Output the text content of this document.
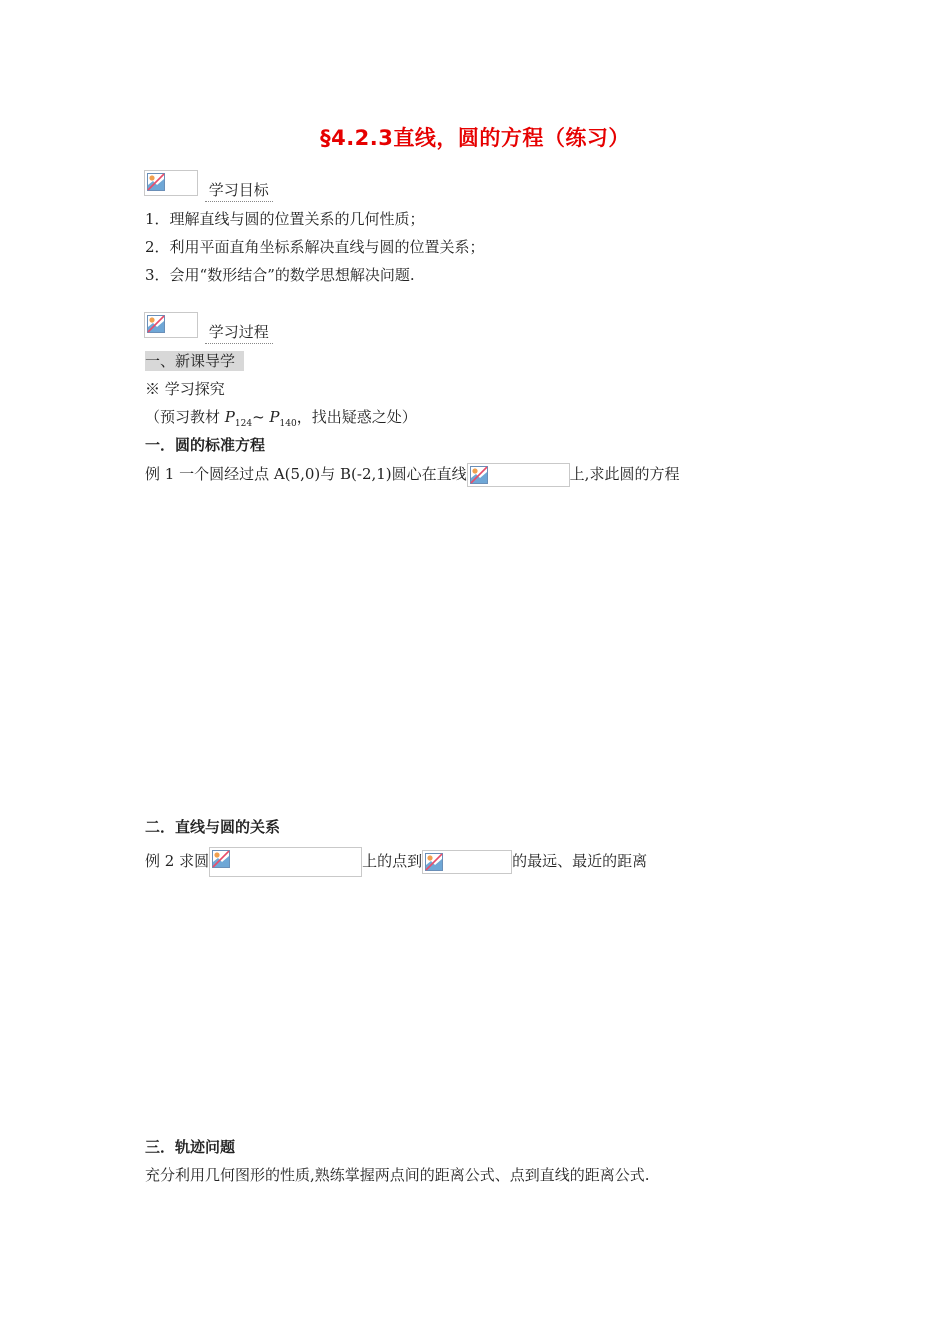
§4.2.3直线，圆的方程（练习）
学习目标
1．理解直线与圆的位置关系的几何性质；
2．利用平面直角坐标系解决直线与圆的位置关系；
3．会用“数形结合”的数学思想解决问题.
学习过程
一、新课导学
※ 学习探究
（预习教材 $P_{124}\sim$ $P_{140}$，找出疑惑之处）
一．圆的标准方程
例 1 一个圆经过点 A(5,0)与 B(-2,1)圆心在直线	上,求此圆的方程
二．直线与圆的关系
例 2 求圆	上的点到	的最远、最近的距离
三．轨迹问题
充分利用几何图形的性质,熟练掌握两点间的距离公式、点到直线的距离公式.
